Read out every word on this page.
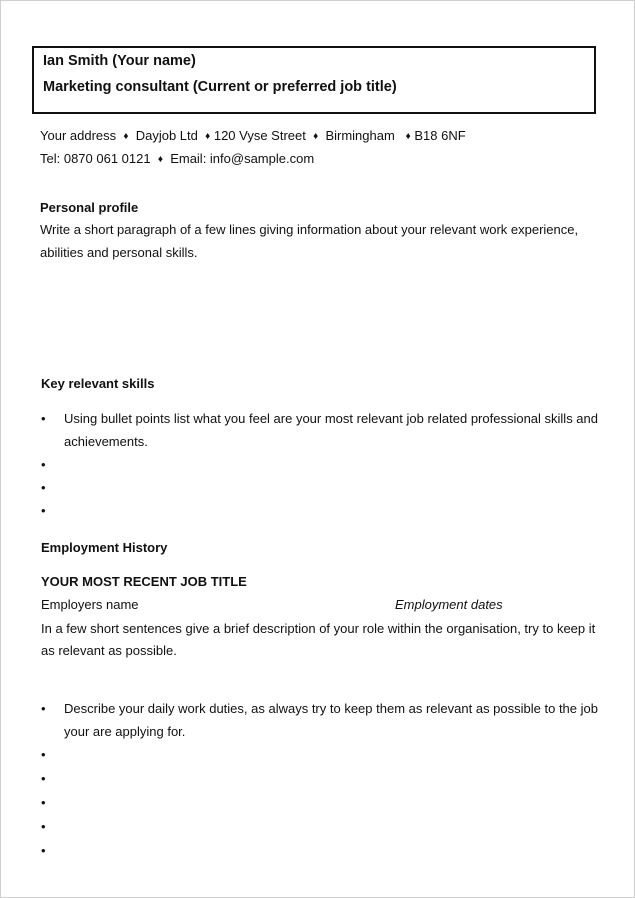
Ian Smith (Your name)
Marketing consultant (Current or preferred job title)
Your address ♦ Dayjob Ltd ♦ 120 Vyse Street ♦ Birmingham ♦ B18 6NF
Tel: 0870 061 0121 ♦ Email: info@sample.com
Personal profile
Write a short paragraph of a few lines giving information about your relevant work experience,
abilities and personal skills.
Key relevant skills
• Using bullet points list what you feel are your most relevant job related professional skills and
achievements.
•
•
•
Employment History
YOUR MOST RECENT JOB TITLE
Employers name	Employment dates
In a few short sentences give a brief description of your role within the organisation, try to keep it
as relevant as possible.
• Describe your daily work duties, as always try to keep them as relevant as possible to the job
your are applying for.
•
•
•
•
•
